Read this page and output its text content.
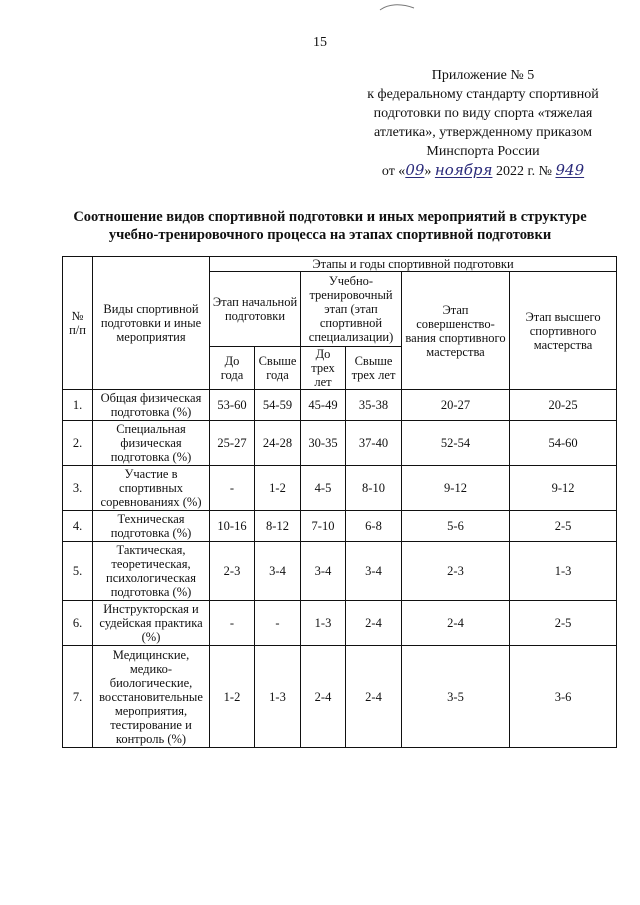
15
Приложение № 5
к федеральному стандарту спортивной
подготовки по виду спорта «тяжелая
атлетика», утвержденному приказом
Минспорта России
от «09» ноября 2022 г. № 949
Соотношение видов спортивной подготовки и иных мероприятий в структуре
учебно-тренировочного процесса на этапах спортивной подготовки
№ п/п	Виды спортивной подготовки и иные мероприятия	Этапы и годы спортивной подготовки					
		Этап начальной подготовки		Учебно-тренировочный этап (этап спортивной специализации)		Этап совершенство-вания спортивного мастерства	Этап высшего спортивного мастерства
		До года	Свыше года	До трех лет	Свыше трех лет		
1.	Общая физическая подготовка (%)	53-60	54-59	45-49	35-38	20-27	20-25
2.	Специальная физическая подготовка (%)	25-27	24-28	30-35	37-40	52-54	54-60
3.	Участие в спортивных соревнованиях (%)	-	1-2	4-5	8-10	9-12	9-12
4.	Техническая подготовка (%)	10-16	8-12	7-10	6-8	5-6	2-5
5.	Тактическая, теоретическая, психологическая подготовка (%)	2-3	3-4	3-4	3-4	2-3	1-3
6.	Инструкторская и судейская практика (%)	-	-	1-3	2-4	2-4	2-5
7.	Медицинские, медико-биологические, восстановительные мероприятия, тестирование и контроль (%)	1-2	1-3	2-4	2-4	3-5	3-6
